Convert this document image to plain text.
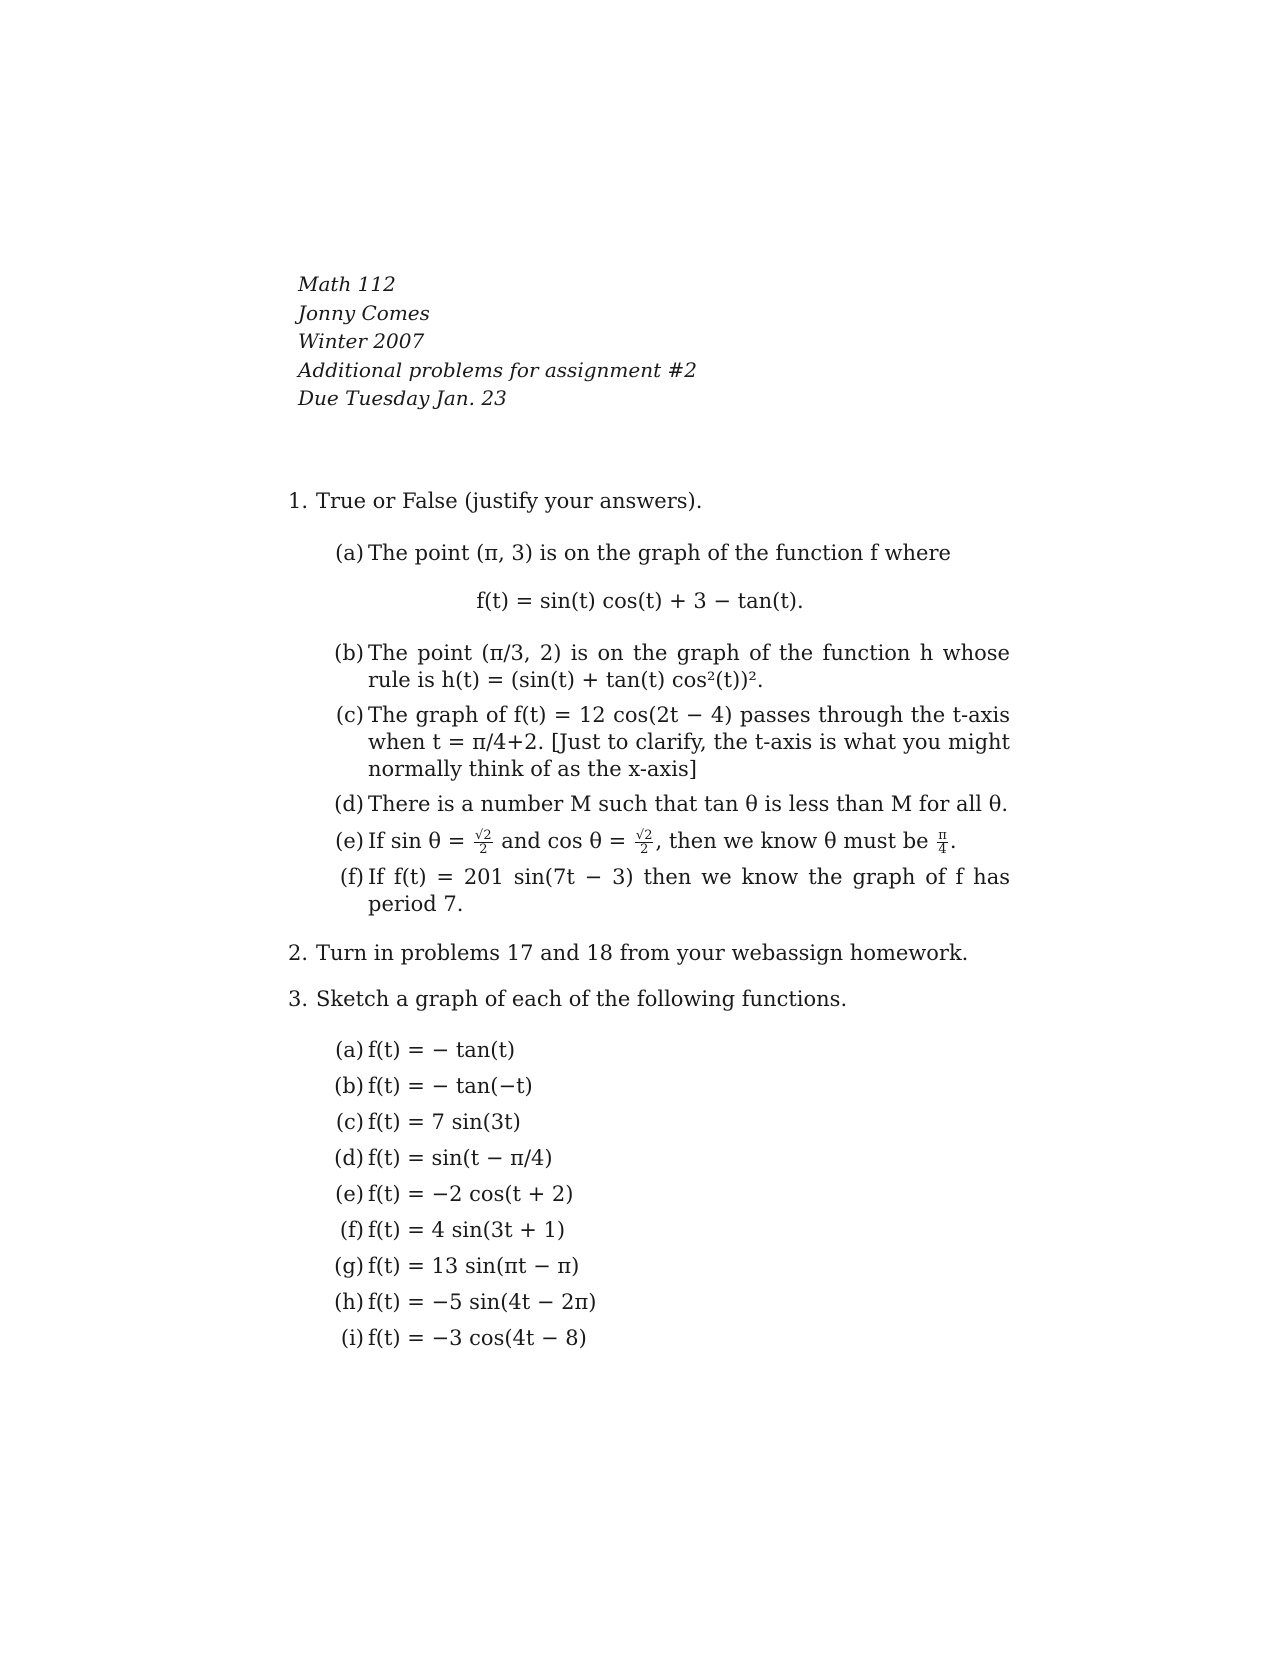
Math 112
Jonny Comes
Winter 2007
Additional problems for assignment #2
Due Tuesday Jan. 23
1. True or False (justify your answers).
(a) The point (π, 3) is on the graph of the function f where
f(t) = sin(t) cos(t) + 3 − tan(t).
(b) The point (π/3, 2) is on the graph of the function h whose rule is h(t) = (sin(t) + tan(t) cos²(t))².
(c) The graph of f(t) = 12 cos(2t − 4) passes through the t-axis when t = π/4+2. [Just to clarify, the t-axis is what you might normally think of as the x-axis]
(d) There is a number M such that tan θ is less than M for all θ.
(e) If $\sin \theta = \frac{√2}{2}$ and $\cos \theta = \frac{√2}{2}$ , then we know θ must be $\frac{\pi}{4}$ .
(f) If f(t) = 201 sin(7t − 3) then we know the graph of f has period 7.
2. Turn in problems 17 and 18 from your webassign homework.
3. Sketch a graph of each of the following functions.
(a) f(t) = − tan(t)
(b) f(t) = − tan(−t)
(c) f(t) = 7 sin(3t)
(d) f(t) = sin(t − π/4)
(e) f(t) = −2 cos(t + 2)
(f) f(t) = 4 sin(3t + 1)
(g) f(t) = 13 sin(πt − π)
(h) f(t) = −5 sin(4t − 2π)
(i) f(t) = −3 cos(4t − 8)
